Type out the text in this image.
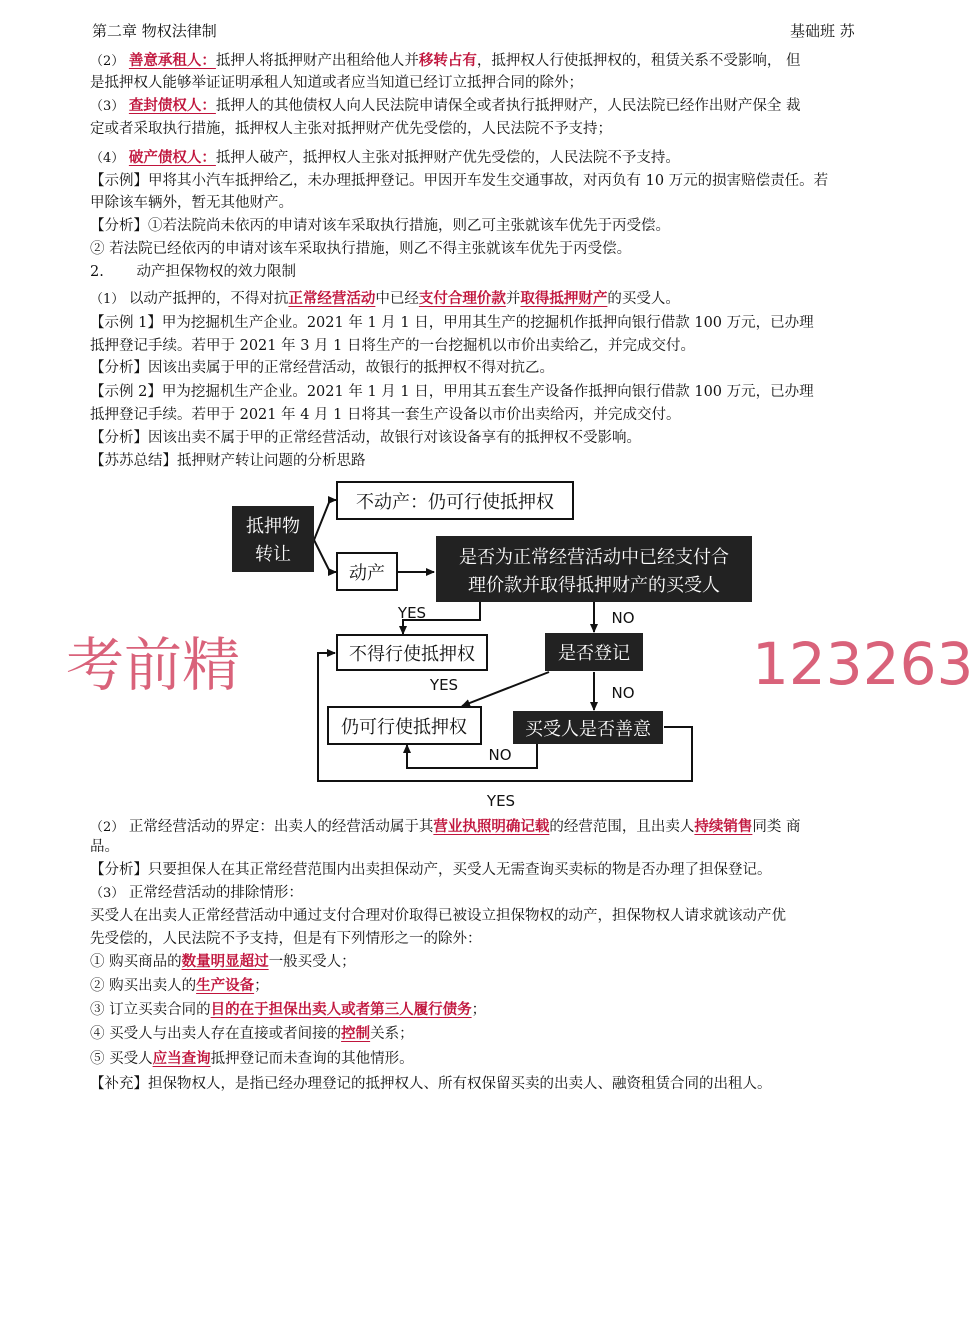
第二章 物权法律制	基础班 苏
（2） 善意承租人：抵押人将抵押财产出租给他人并移转占有，抵押权人行使抵押权的，租赁关系不受影响， 但
是抵押权人能够举证证明承租人知道或者应当知道已经订立抵押合同的除外；
（3） 查封债权人：抵押人的其他债权人向人民法院申请保全或者执行抵押财产，人民法院已经作出财产保全 裁
定或者采取执行措施，抵押权人主张对抵押财产优先受偿的，人民法院不予支持；
（4） 破产债权人：抵押人破产，抵押权人主张对抵押财产优先受偿的，人民法院不予支持。
【示例】甲将其小汽车抵押给乙，未办理抵押登记。甲因开车发生交通事故，对丙负有 10 万元的损害赔偿责任。若
甲除该车辆外，暂无其他财产。
【分析】①若法院尚未依丙的申请对该车采取执行措施，则乙可主张就该车优先于丙受偿。
② 若法院已经依丙的申请对该车采取执行措施，则乙不得主张就该车优先于丙受偿。
2. 动产担保物权的效力限制
（1） 以动产抵押的，不得对抗正常经营活动中已经支付合理价款并取得抵押财产的买受人。
【示例 1】甲为挖掘机生产企业。2021 年 1 月 1 日，甲用其生产的挖掘机作抵押向银行借款 100 万元，已办理
抵押登记手续。若甲于 2021 年 3 月 1 日将生产的一台挖掘机以市价出卖给乙，并完成交付。
【分析】因该出卖属于甲的正常经营活动，故银行的抵押权不得对抗乙。
【示例 2】甲为挖掘机生产企业。2021 年 1 月 1 日，甲用其五套生产设备作抵押向银行借款 100 万元，已办理
抵押登记手续。若甲于 2021 年 4 月 1 日将其一套生产设备以市价出卖给丙，并完成交付。
【分析】因该出卖不属于甲的正常经营活动，故银行对该设备享有的抵押权不受影响。
【苏苏总结】抵押财产转让问题的分析思路
抵押物
转让
不动产：仍可行使抵押权
动产
是否为正常经营活动中已经支付合
理价款并取得抵押财产的买受人
YES	NO
不得行使抵押权	是否登记
YES	NO
仍可行使抵押权	买受人是否善意
NO
YES
考前精	123263
（2） 正常经营活动的界定：出卖人的经营活动属于其营业执照明确记载的经营范围，且出卖人持续销售同类 商
品。
【分析】只要担保人在其正常经营范围内出卖担保动产，买受人无需查询买卖标的物是否办理了担保登记。
（3） 正常经营活动的排除情形：
买受人在出卖人正常经营活动中通过支付合理对价取得已被设立担保物权的动产，担保物权人请求就该动产优
先受偿的，人民法院不予支持，但是有下列情形之一的除外：
① 购买商品的数量明显超过一般买受人；
② 购买出卖人的生产设备；
③ 订立买卖合同的目的在于担保出卖人或者第三人履行债务；
④ 买受人与出卖人存在直接或者间接的控制关系；
⑤ 买受人应当查询抵押登记而未查询的其他情形。
【补充】担保物权人，是指已经办理登记的抵押权人、所有权保留买卖的出卖人、融资租赁合同的出租人。
